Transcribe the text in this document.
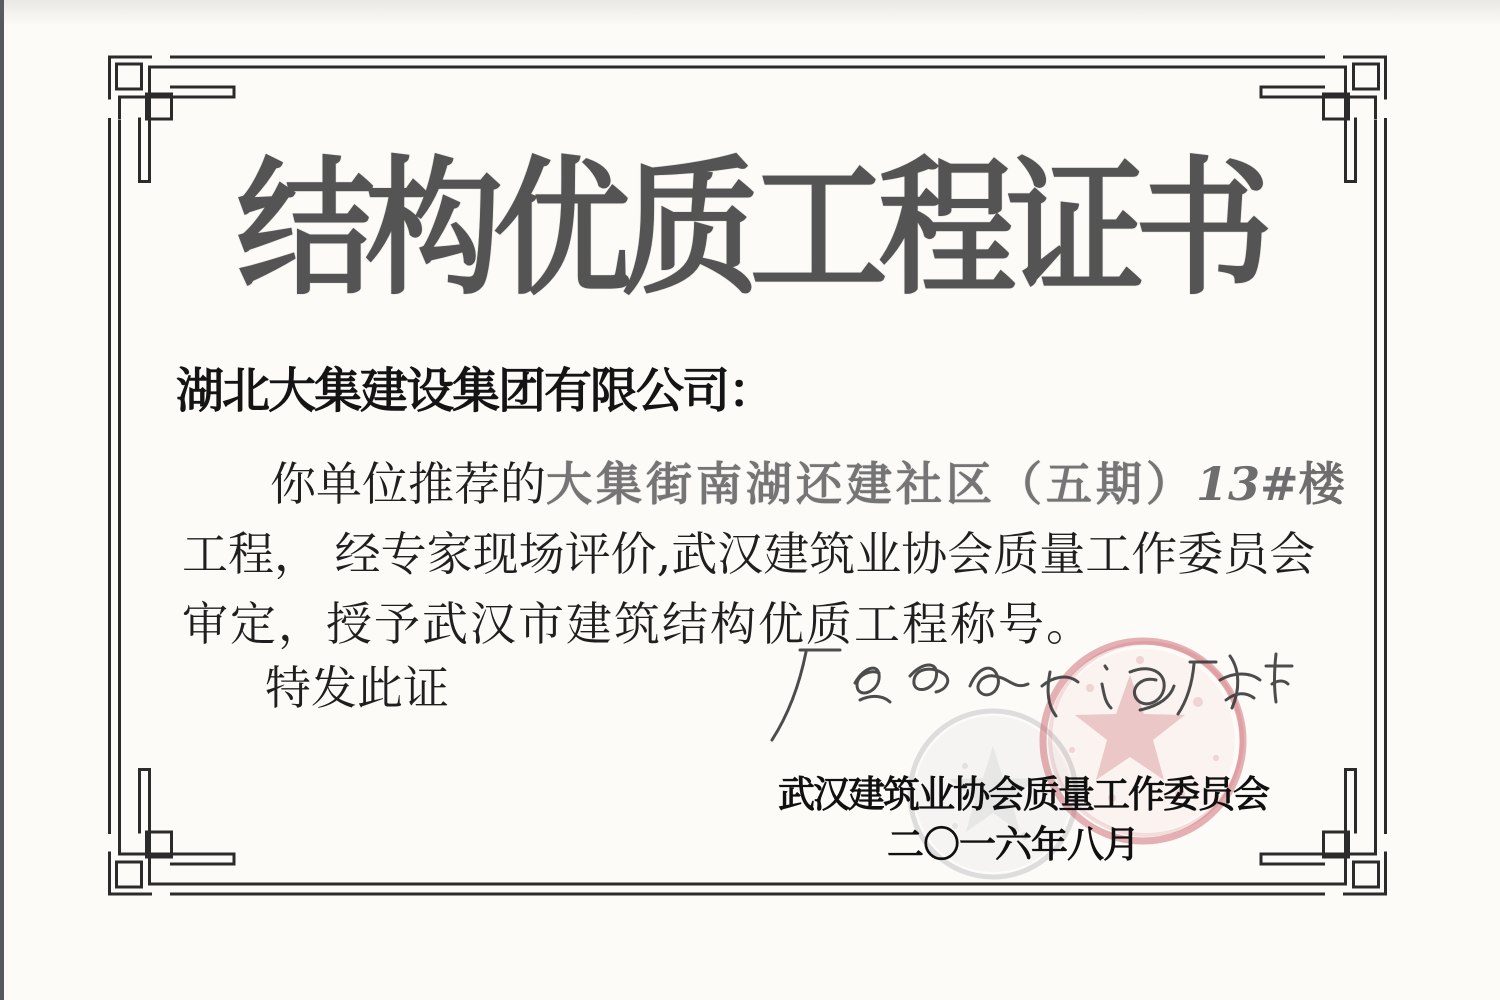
结构优质工程证书
湖北大集建设集团有限公司：
你单位推荐的大集街南湖还建社区（五期）13#楼
工程， 经专家现场评价,武汉建筑业协会质量工作委员会
审定，授予武汉市建筑结构优质工程称号。
特发此证
武汉建筑业协会质量工作委员会
二〇一六年八月
